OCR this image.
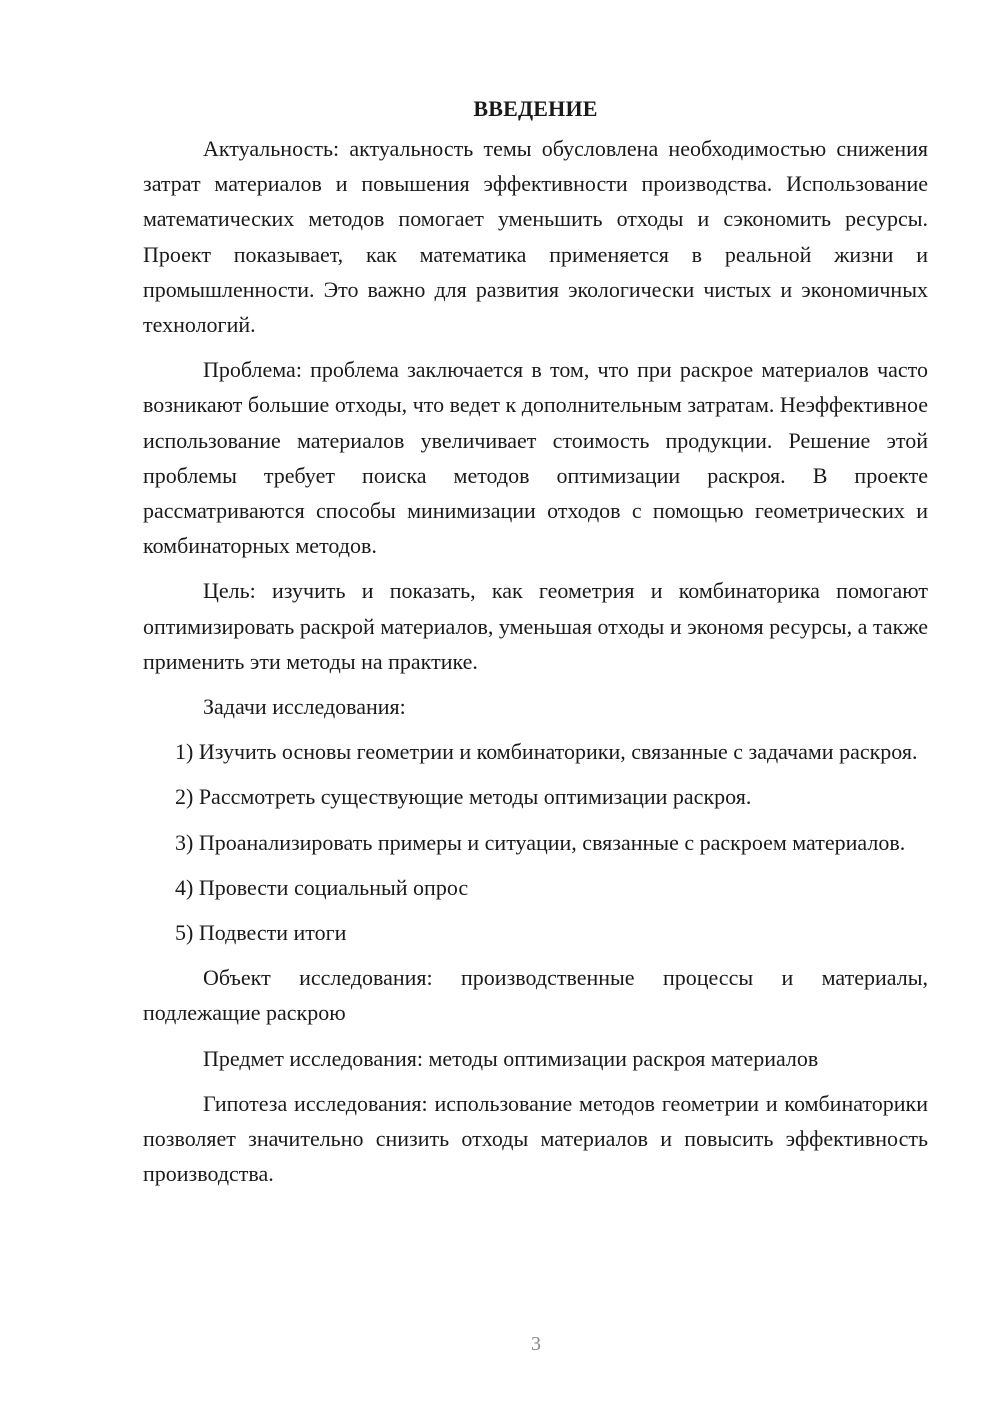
ВВЕДЕНИЕ

Актуальность: актуальность темы обусловлена необходимостью снижения затрат материалов и повышения эффективности производства. Использование математических методов помогает уменьшить отходы и сэкономить ресурсы. Проект показывает, как математика применяется в реальной жизни и промышленности. Это важно для развития экологически чистых и экономичных технологий.

Проблема: проблема заключается в том, что при раскрое материалов часто возникают большие отходы, что ведет к дополнительным затратам. Неэффективное использование материалов увеличивает стоимость продукции. Решение этой проблемы требует поиска методов оптимизации раскроя. В проекте рассматриваются способы минимизации отходов с помощью геометрических и комбинаторных методов.

Цель: изучить и показать, как геометрия и комбинаторика помогают оптимизировать раскрой материалов, уменьшая отходы и экономя ресурсы, а также применить эти методы на практике.

Задачи исследования:

1) Изучить основы геометрии и комбинаторики, связанные с задачами раскроя.

2) Рассмотреть существующие методы оптимизации раскроя.

3) Проанализировать примеры и ситуации, связанные с раскроем материалов.

4) Провести социальный опрос

5) Подвести итоги

Объект исследования: производственные процессы и материалы, подлежащие раскрою

Предмет исследования: методы оптимизации раскроя материалов

Гипотеза исследования: использование методов геометрии и комбинаторики позволяет значительно снизить отходы материалов и повысить эффективность производства.

3
